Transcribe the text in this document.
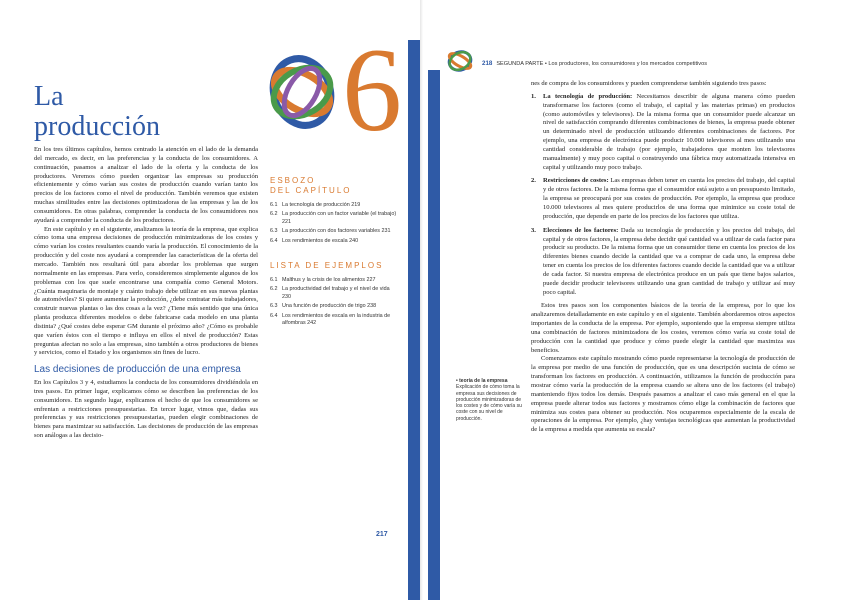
La
producción 6

En los tres últimos capítulos, hemos centrado la atención en el lado de la demanda del mercado, es decir, en las preferencias y la conducta de los consumidores. A continuación, pasamos a analizar el lado de la oferta y la conducta de los productores. Veremos cómo pueden organizar las empresas su producción eficientemente y cómo varían sus costes de producción cuando varían tanto los precios de los factores como el nivel de producción. También veremos que existen muchas similitudes entre las decisiones optimizadoras de las empresas y las de los consumidores. En otras palabras, comprender la conducta de los consumidores nos ayudará a comprender la conducta de los productores.

En este capítulo y en el siguiente, analizamos la teoría de la empresa, que explica cómo toma una empresa decisiones de producción minimizadoras de los costes y cómo varían los costes resultantes cuando varía la producción. El conocimiento de la producción y del coste nos ayudará a comprender las características de la oferta del mercado. También nos resultará útil para abordar los problemas que surgen normalmente en las empresas. Para verlo, consideremos simplemente algunos de los problemas con los que suele encontrarse una compañía como General Motors. ¿Cuánta maquinaria de montaje y cuánto trabajo debe utilizar en sus nuevas plantas de automóviles? Si quiere aumentar la producción, ¿debe contratar más trabajadores, construir nuevas plantas o las dos cosas a la vez? ¿Tiene más sentido que una única planta produzca diferentes modelos o debe fabricarse cada modelo en una planta distinta? ¿Qué costes debe esperar GM durante el próximo año? ¿Cómo es probable que varíen éstos con el tiempo e influya en ellos el nivel de producción? Estas preguntas afectan no solo a las empresas, sino también a otros productores de bienes y servicios, como el Estado y los organismos sin fines de lucro.

Las decisiones de producción de una empresa

En los Capítulos 3 y 4, estudiamos la conducta de los consumidores dividiéndola en tres pasos. En primer lugar, explicamos cómo se describen las preferencias de los consumidores. En segundo lugar, explicamos el hecho de que los consumidores se enfrentan a restricciones presupuestarias. En tercer lugar, vimos que, dadas sus preferencias y sus restricciones presupuestarias, pueden elegir combinaciones de bienes para maximizar su satisfacción. Las decisiones de producción de las empresas son análogas a las decisio-

ESBOZO
DEL CAPÍTULO
6.1 La tecnología de producción 219
6.2 La producción con un factor variable (el trabajo) 221
6.3 La producción con dos factores variables 231
6.4 Los rendimientos de escala 240
LISTA DE EJEMPLOS
6.1 Malthus y la crisis de los alimentos 227
6.2 La productividad del trabajo y el nivel de vida 230
6.3 Una función de producción de trigo 238
6.4 Los rendimientos de escala en la industria de alfombras 242
217
218 SEGUNDA PARTE • Los productores, los consumidores y los mercados competitivos

nes de compra de los consumidores y pueden comprenderse también siguiendo tres pasos:

1. La tecnología de producción: Necesitamos describir de alguna manera cómo pueden transformarse los factores (como el trabajo, el capital y las materias primas) en productos (como automóviles y televisores). De la misma forma que un consumidor puede alcanzar un nivel de satisfacción comprando diferentes combinaciones de bienes, la empresa puede obtener un determinado nivel de producción utilizando diferentes combinaciones de factores. Por ejemplo, una empresa de electrónica puede producir 10.000 televisores al mes utilizando una cantidad considerable de trabajo (por ejemplo, trabajadores que monten los televisores manualmente) y muy poco capital o construyendo una fábrica muy automatizada intensiva en capital y utilizando muy poco trabajo.
2. Restricciones de costes: Las empresas deben tener en cuenta los precios del trabajo, del capital y de otros factores. De la misma forma que el consumidor está sujeto a un presupuesto limitado, la empresa se preocupará por sus costes de producción. Por ejemplo, la empresa que produce 10.000 televisores al mes quiere producirlos de una forma que minimice su coste total de producción, que depende en parte de los precios de los factores que utiliza.
3. Elecciones de los factores: Dada su tecnología de producción y los precios del trabajo, del capital y de otros factores, la empresa debe decidir qué cantidad va a utilizar de cada factor para producir su producto. De la misma forma que un consumidor tiene en cuenta los precios de los diferentes bienes cuando decide la cantidad que va a comprar de cada uno, la empresa debe tener en cuenta los precios de los diferentes factores cuando decide la cantidad que va a utilizar de cada factor. Si nuestra empresa de electrónica produce en un país que tiene bajos salarios, puede decidir producir televisores utilizando una gran cantidad de trabajo y utilizar así muy poco capital.

Estos tres pasos son los componentes básicos de la teoría de la empresa, por lo que los analizaremos detalladamente en este capítulo y en el siguiente. También abordaremos otros aspectos importantes de la conducta de la empresa. Por ejemplo, suponiendo que la empresa siempre utiliza una combinación de factores minimizadora de los costes, veremos cómo varía su coste total de producción con la cantidad que produce y cómo puede elegir la cantidad que maximiza sus beneficios.

Comenzamos este capítulo mostrando cómo puede representarse la tecnología de producción de la empresa por medio de una función de producción, que es una descripción sucinta de cómo se transforman los factores en producción. A continuación, utilizamos la función de producción para mostrar cómo varía la producción de la empresa cuando se altera uno de los factores (el trabajo) manteniendo fijos todos los demás. Después pasamos a analizar el caso más general en el que la empresa puede alterar todos sus factores y mostramos cómo elige la combinación de factores que minimiza sus costes para obtener su producción. Nos ocuparemos especialmente de la escala de operaciones de la empresa. Por ejemplo, ¿hay ventajas tecnológicas que aumentan la productividad de la empresa a medida que aumenta su escala?

• teoría de la empresa
Explicación de cómo toma la empresa sus decisiones de producción minimizadoras de los costes y de cómo varía su coste con su nivel de producción.
